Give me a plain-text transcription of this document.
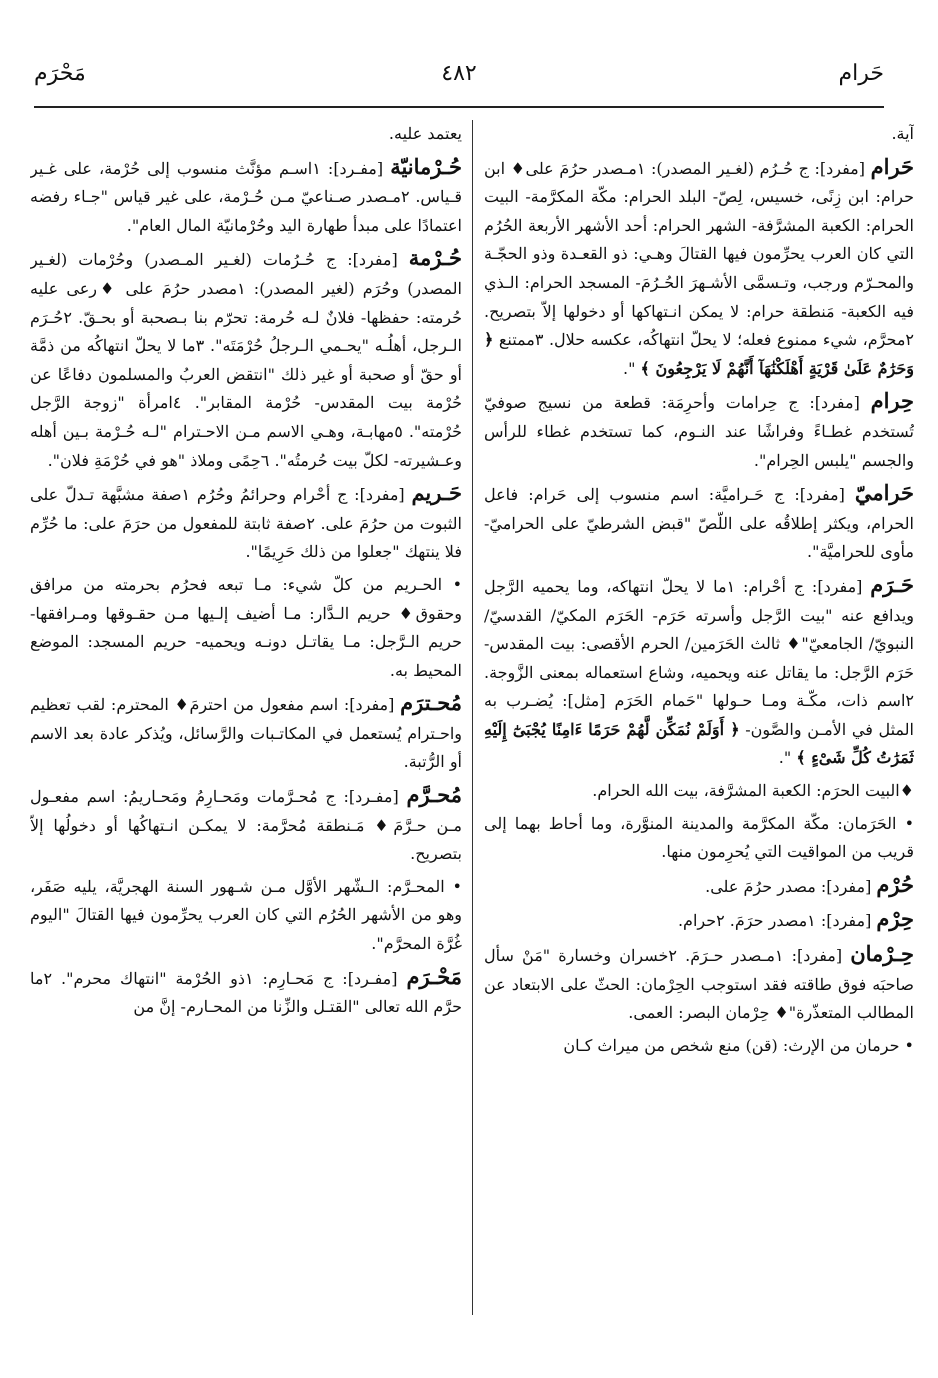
حَرام
٤٨٢
مَحْرَم

آية.

حَرام [مفرد]: ج حُـرُم (لغـير المصدر): ١مـصدر حرُمَ على♦ ابن حرام: ابن زِنًى، خسيس، لِصّ- البلد الحرام: مكّة المكرَّمة- البيت الحرام: الكعبة المشرَّفة- الشهر الحرام: أحد الأشهر الأربعة الحُرُم التي كان العرب يحرِّمون فيها القتالَ وهـي: ذو القعـدة وذو الحجّـة والمحـرّم ورجب، وتـسمَّى الأشـهرَ الحُـرُمَ- المسجد الحرام: الـذي فيه الكعبة- مَنطقة حرام: لا يمكن انـتهاكها أو دخولها إلاّ بتصريح. ٢محرَّم، شيء ممنوع فعله؛ لا يحلّ انتهاكُه، عكسه حلال. ٣ممتنع ﴿ وَحَرَٰمٌ عَلَىٰ قَرْيَةٍ أَهْلَكْنَٰهَآ أَنَّهُمْ لَا يَرْجِعُونَ ﴾ ".

حِرام [مفرد]: ج حِرامات وأحرِمَة: قطعة من نسيج صوفيّ تُستخدم غطـاءً وفراشًا عند النـوم، كما تستخدم غطاء للرأس والجسم "يلبس الحِرام".

حَراميّ [مفرد]: ج حَـراميَّة: اسم منسوب إلى حَرام: فاعل الحرام، ويكثر إطلاقُه على اللّصّ "قبض الشرطيّ على الحراميّ- مأوى للحراميَّة".

حَـرَم [مفرد]: ج أحْرام: ١ما لا يحلّ انتهاكه، وما يحميه الرَّجل ويدافع عنه "بيت الرَّجل وأسرته حَرَم- الحَرَم المكيّ/ القدسيّ/ النبويّ/ الجامعيّ"♦ ثالث الحَرَمين/ الحرم الأقصى: بيت المقدس- حَرَم الرَّجل: ما يقاتل عنه ويحميه، وشاع استعماله بمعنى الزَّوجة. ٢اسم ذات، مكّـة ومـا حـولها "حَمام الحَرَم [مثل]: يُضـرب به المثل في الأمـن والصَّون- ﴿ أَوَلَمْ نُمَكِّن لَّهُمْ حَرَمًا ءَامِنًا يُجْبَىٰٓ إِلَيْهِ ثَمَرَٰتُ كُلِّ شَىْءٍ ﴾ ".

♦البيت الحرَم: الكعبة المشرَّفة، بيت الله الحرام.

• الحَرَمان: مكّة المكرَّمة والمدينة المنوَّرة، وما أحاط بهما إلى قريب من المواقيت التي يُحرِمون منها.

حُرْم [مفرد]: مصدر حرُمَ على.

حِرْم [مفرد]: ١مصدر حرَمَ. ٢حرام.

حِـرْمان [مفرد]: ١مـصدر حـرَمَ. ٢خسران وخسارة "مَنْ سأل صاحبَه فوق طاقته فقد استوجب الحِرْمان: الحثّ على الابتعاد عن المطالب المتعذّرة"♦ حِرْمان البصر: العمى.

• حرمان من الإرث: (قن) منع شخص من ميراث كـان

يعتمد عليه.

حُـرْمانيّة [مفـرد]: ١اسـم مؤنَّث منسوب إلى حُرْمة، على غـير قـياس. ٢مـصدر صـناعيّ مـن حُـرْمة، على غير قياس "جـاء رفضه اعتمادًا على مبدأ طهارة اليد وحُرْمانيّة المال العام".

حُـرْمة [مفرد]: ج حُـرُمات (لغـير المـصدر) وحُرْمات (لغـير المصدر) وحُرَم (لغير المصدر): ١مصدر حرُمَ على ♦رعى عليه حُرمته: حفظها- فلانٌ لـه حُرمة: تحرّم بنا بـصحبة أو بحـقّ. ٢حُـرَم الـرجل، أهلُـه "يحـمي الـرجلُ حُرْمَتَه". ٣ما لا يحلّ انتهاكُه من ذمَّة أو حقّ أو صحبة أو غير ذلك "انتقض العربُ والمسلمون دفاعًا عن حُرْمة بيت المقدس- حُرْمة المقابر". ٤امرأة "زوجة الرَّجل حُرْمته". ٥مهابـة، وهـي الاسم مـن الاحـترام "لـه حُـرْمة بـين أهله وعـشيرته- لكلّ بيت حُرمتُه". ٦حِمًى وملاذ "هو في حُرْمَةِ فلان".

حَـريم [مفرد]: ج أحْرام وحرائمُ وحُرُم ١صفة مشبَّهة تـدلّ على الثبوت من حرُمَ على. ٢صفة ثابتة للمفعول من حرَمَ على: ما حُرِّم فلا ينتهك "جعلوا من ذلك حَرِيمًا".

• الحـريم من كلّ شيء: مـا تبعه فحرُم بحرمته من مرافق وحقوق♦ حريم الـدَّار: مـا أضيف إلـيها مـن حقـوقها ومـرافقها- حريم الـرَّجل: مـا يقاتـل دونـه ويحميه- حريم المسجد: الموضع المحيط به.

مُحـترَم [مفرد]: اسم مفعول من احترمَ♦ المحترم: لقب تعظيم واحـترام يُستعمل في المكاتـبات والرَّسائل، ويُذكر عادة بعد الاسم أو الرُّتبة.

مُحـرَّم [مفـرد]: ج مُحـرَّمات ومَحـارِمُ ومَحـاريمُ: اسم مفعـول مـن حـرَّمَ♦ مَـنطقة مُحرَّمة: لا يمكـن انـتهاكُها أو دخولُها إلاّ بتصريح.

• المحـرَّم: الـشّهر الأوَّل مـن شـهور السنة الهجريَّة، يليه صَفَر، وهو من الأشهر الحُرُم التي كان العرب يحرِّمون فيها القتالَ "اليوم غُرَّة المحرَّم".

مَحْـرَم [مفـرد]: ج مَحـارِم: ١ذو الحُرْمة "انتهاك محرم". ٢ما حرَّم الله تعالى "القتـل والزِّنا من المحـارم- إنَّ من
